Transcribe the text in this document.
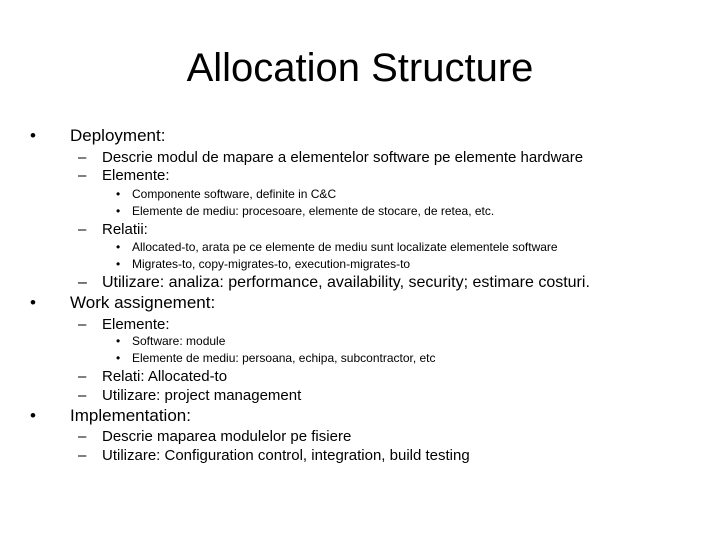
Allocation Structure
• Deployment:
– Descrie modul de mapare a elementelor software pe elemente hardware
– Elemente:
• Componente software, definite in C&C
• Elemente de mediu: procesoare, elemente de stocare, de retea, etc.
– Relatii:
• Allocated-to, arata pe ce elemente de mediu sunt localizate elementele software
• Migrates-to, copy-migrates-to, execution-migrates-to
– Utilizare: analiza: performance, availability, security; estimare costuri.
• Work assignement:
– Elemente:
• Software: module
• Elemente de mediu: persoana, echipa, subcontractor, etc
– Relati: Allocated-to
– Utilizare: project management
• Implementation:
– Descrie maparea modulelor pe fisiere
– Utilizare: Configuration control, integration, build testing
